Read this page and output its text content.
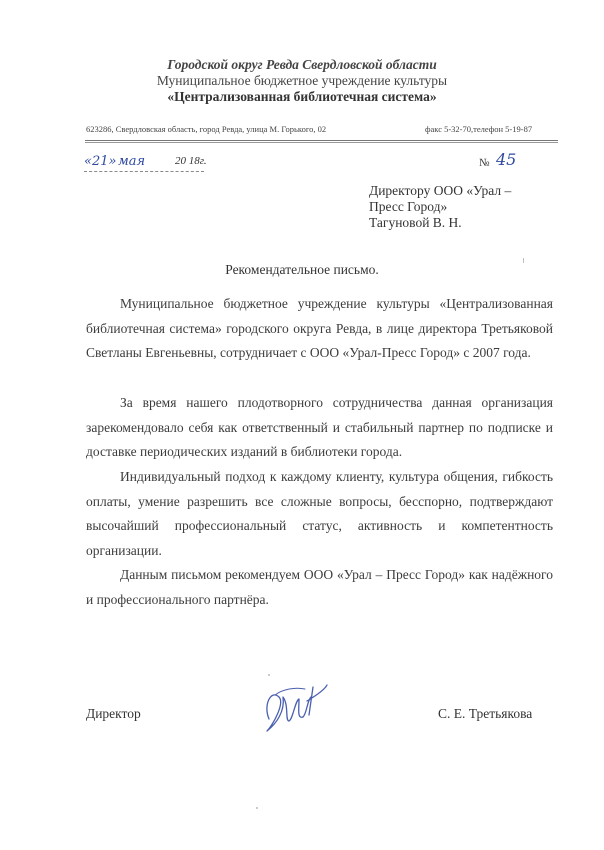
Городской округ Ревда Свердловской области
Муниципальное бюджетное учреждение культуры
«Централизованная библиотечная система»
623286, Свердловская область, город Ревда, улица М. Горького, 02	факс 5-32-70,телефон 5-19-87
«21» мая	20 18г.	№ 45
Директору ООО «Урал –
Пресс Город»
Тагуновой В. Н.
Рекомендательное письмо.

Муниципальное бюджетное учреждение культуры «Централизованная библиотечная система» городского округа Ревда, в лице директора Третьяковой Светланы Евгеньевны, сотрудничает с ООО «Урал-Пресс Город» с 2007 года.

За время нашего плодотворного сотрудничества данная организация зарекомендовало себя как ответственный и стабильный партнер по подписке и доставке периодических изданий в библиотеки города.

Индивидуальный подход к каждому клиенту, культура общения, гибкость оплаты, умение разрешить все сложные вопросы, бесспорно, подтверждают высочайший профессиональный статус, активность и компетентность организации.

Данным письмом рекомендуем ООО «Урал – Пресс Город» как надёжного и профессионального партнёра.

Директор	С. Е. Третьякова
